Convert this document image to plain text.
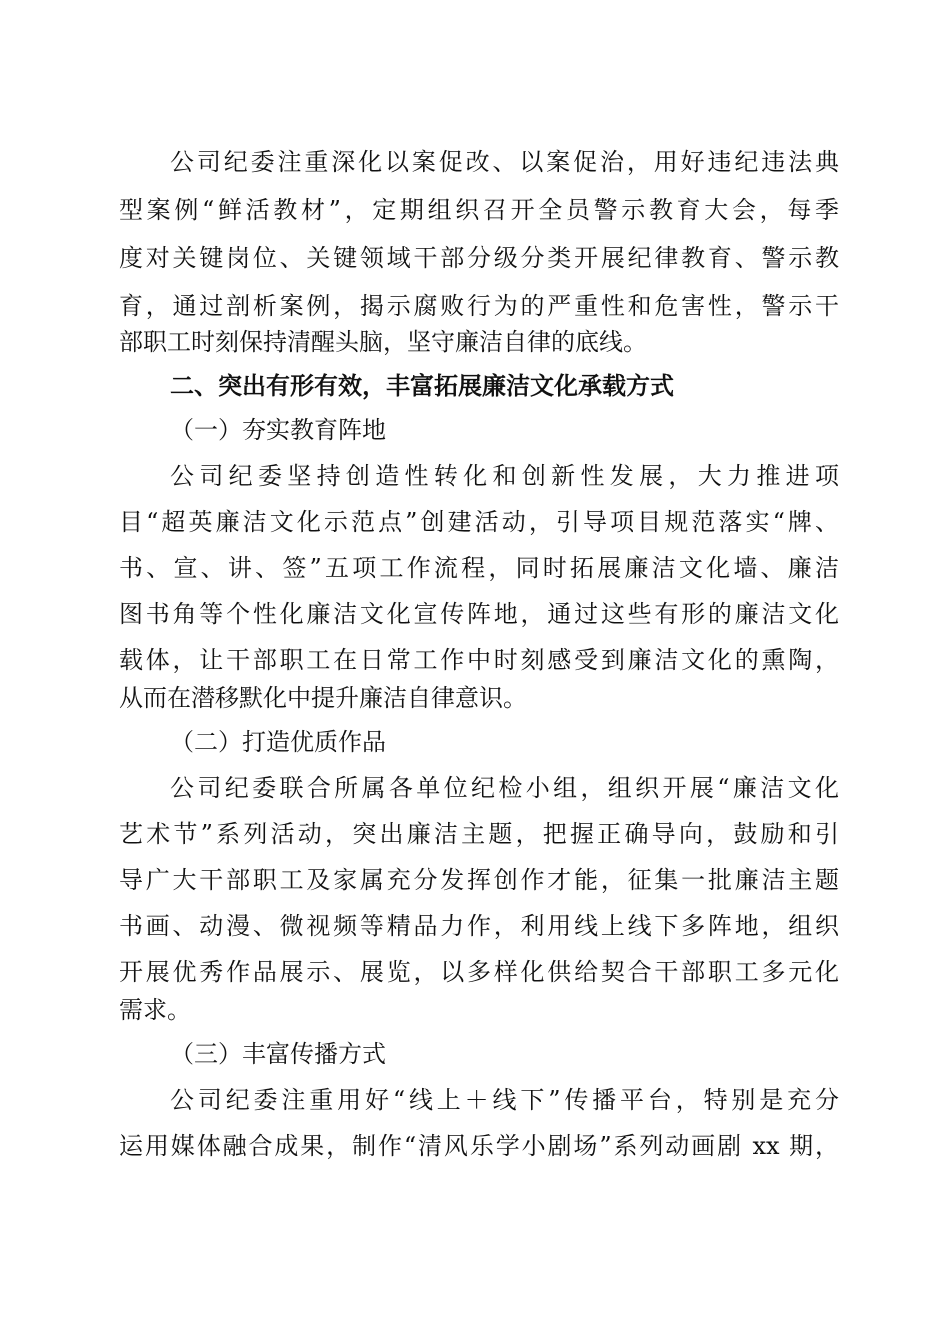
公司纪委注重深化以案促改、以案促治，用好违纪违法典
型案例“鲜活教材”，定期组织召开全员警示教育大会，每季
度对关键岗位、关键领域干部分级分类开展纪律教育、警示教
育，通过剖析案例，揭示腐败行为的严重性和危害性，警示干
部职工时刻保持清醒头脑，坚守廉洁自律的底线。
二、突出有形有效，丰富拓展廉洁文化承载方式
（一）夯实教育阵地
公司纪委坚持创造性转化和创新性发展，大力推进项
目“超英廉洁文化示范点”创建活动，引导项目规范落实“牌、
书、宣、讲、签”五项工作流程，同时拓展廉洁文化墙、廉洁
图书角等个性化廉洁文化宣传阵地，通过这些有形的廉洁文化
载体，让干部职工在日常工作中时刻感受到廉洁文化的熏陶，
从而在潜移默化中提升廉洁自律意识。
（二）打造优质作品
公司纪委联合所属各单位纪检小组，组织开展“廉洁文化
艺术节”系列活动，突出廉洁主题，把握正确导向，鼓励和引
导广大干部职工及家属充分发挥创作才能，征集一批廉洁主题
书画、动漫、微视频等精品力作，利用线上线下多阵地，组织
开展优秀作品展示、展览，以多样化供给契合干部职工多元化
需求。
（三）丰富传播方式
公司纪委注重用好“线上＋线下”传播平台，特别是充分
运用媒体融合成果，制作“清风乐学小剧场”系列动画剧 xx 期，
